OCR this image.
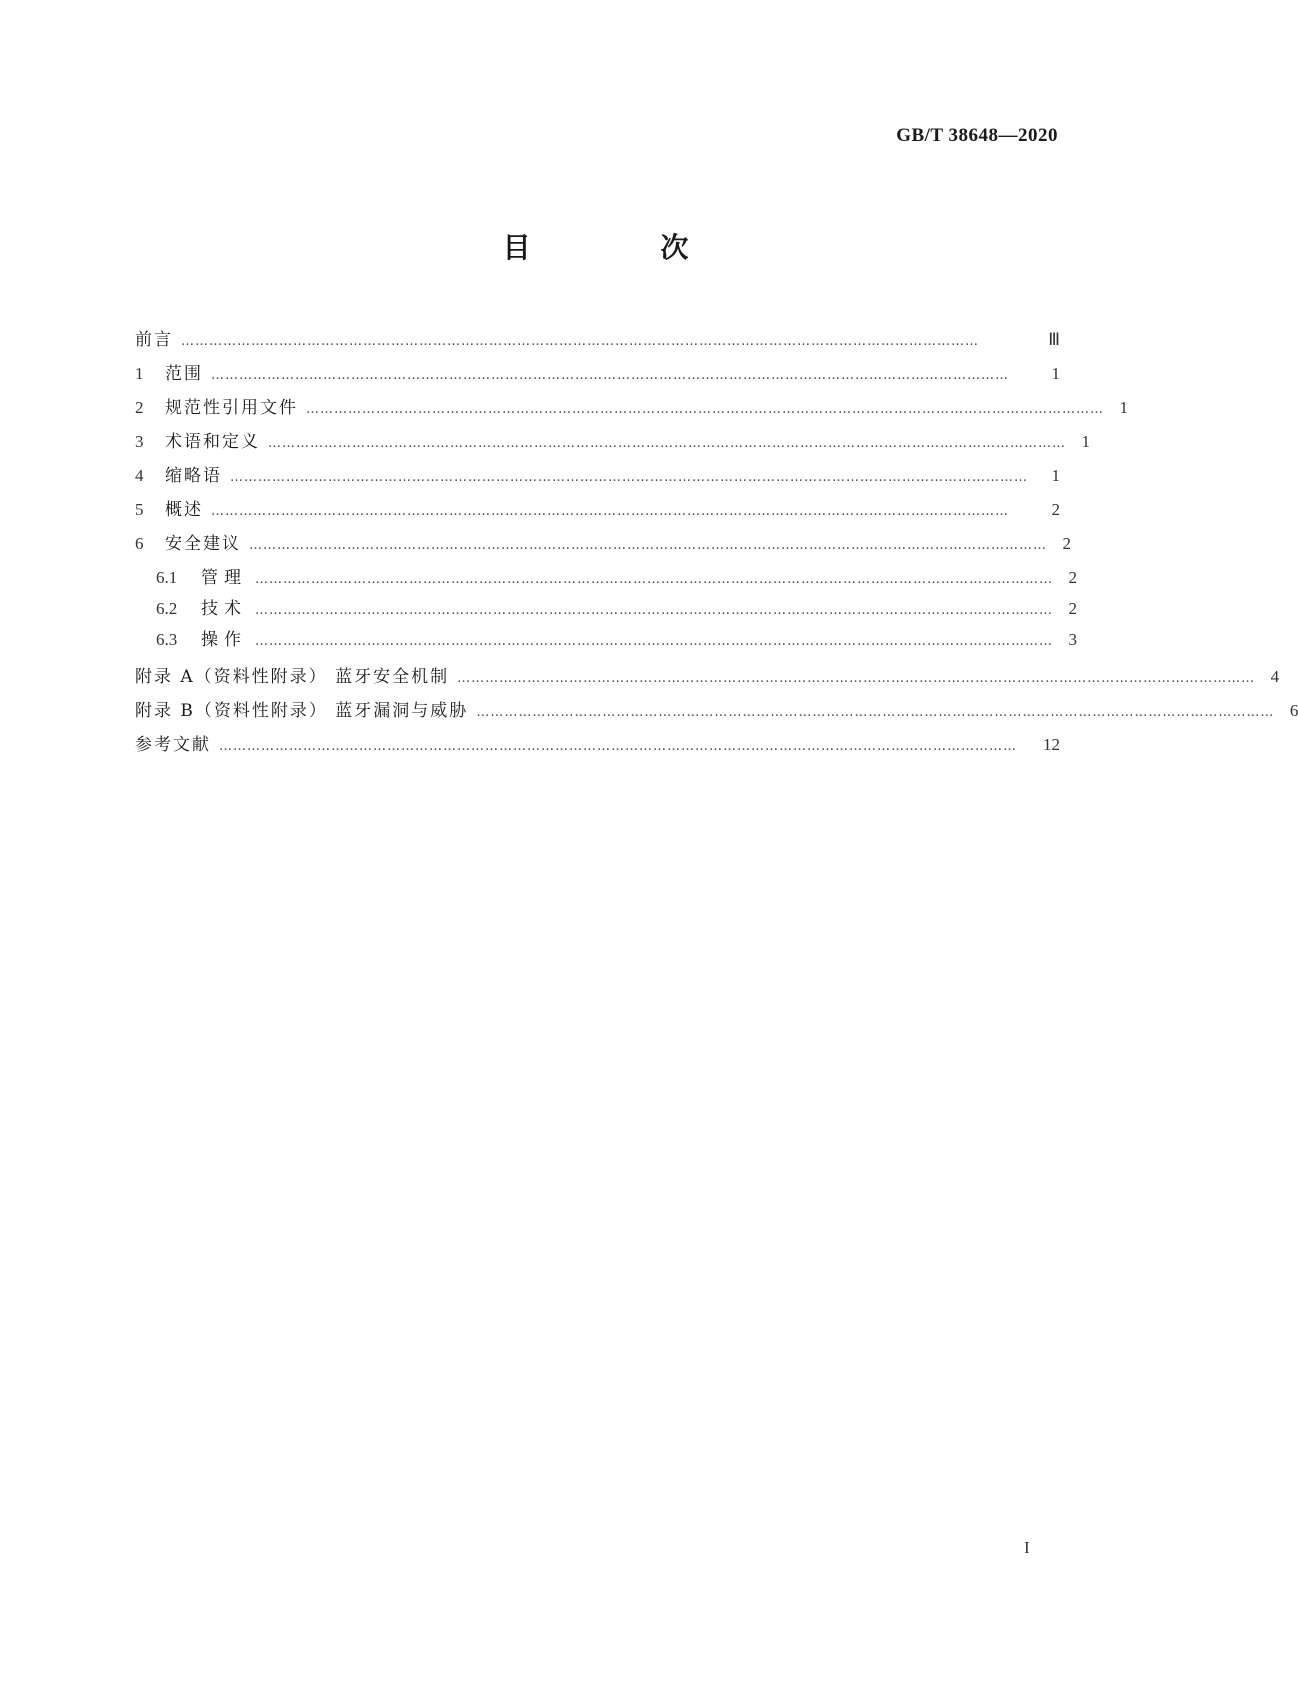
GB/T 38648—2020
目 次
前言 ………………………………………………………………………………………………………………………………………………………	Ⅲ
1 范围 ………………………………………………………………………………………………………………………………………………………	1
2 规范性引用文件 ……………………………………………………………………………………………………………………………………………………… 1
3 术语和定义 ……………………………………………………………………………………………………………………………………………………… 1
4 缩略语 ………………………………………………………………………………………………………………………………………………………	1
5 概述 ………………………………………………………………………………………………………………………………………………………	2
6 安全建议 ……………………………………………………………………………………………………………………………………………………… 2
6.1 管理 ……………………………………………………………………………………………………………………………………………………… 2
6.2 技术 ……………………………………………………………………………………………………………………………………………………… 2
6.3 操作 ……………………………………………………………………………………………………………………………………………………… 3
附录 A（资料性附录） 蓝牙安全机制 ……………………………………………………………………………………………………………………………………………………… 4
附录 B（资料性附录） 蓝牙漏洞与威胁 ……………………………………………………………………………………………………………………………………………………… 6
参考文献 ………………………………………………………………………………………………………………………………………………………	12
I
